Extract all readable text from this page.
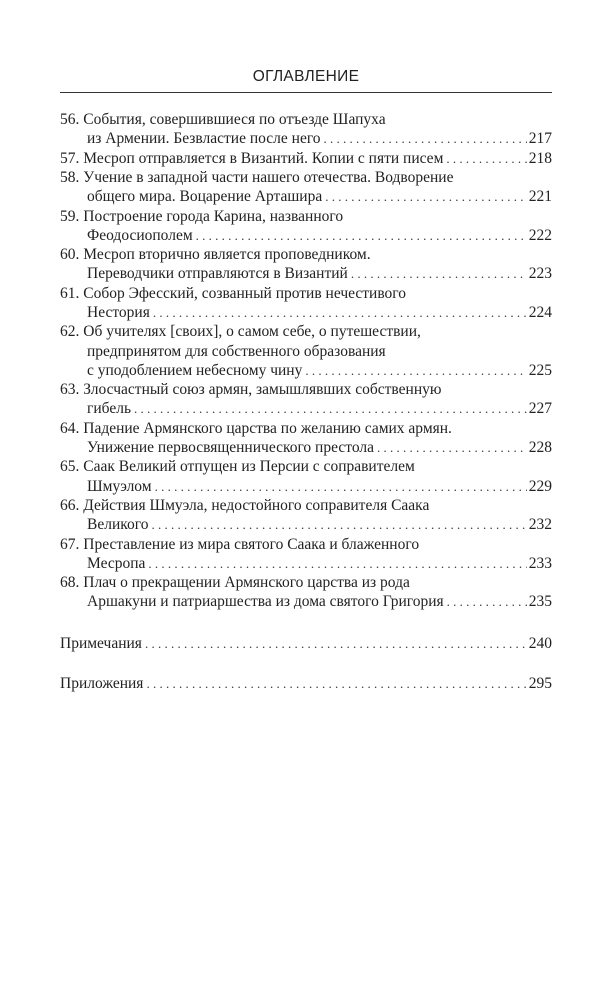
ОГЛАВЛЕНИЕ
56. События, совершившиеся по отъезде Шапуха
из Армении. Безвластие после него . . .	217
57. Месроп отправляется в Византий. Копии с пяти писем . . .	218
58. Учение в западной части нашего отечества. Водворение
общего мира. Воцарение Арташира . . .	221
59. Построение города Карина, названного
Феодосиополем . . .	222
60. Месроп вторично является проповедником.
Переводчики отправляются в Византий . . .	223
61. Собор Эфесский, созванный против нечестивого
Нестория . . .	224
62. Об учителях [своих], о самом себе, о путешествии,
предпринятом для собственного образования
с уподоблением небесному чину . . .	225
63. Злосчастный союз армян, замышлявших собственную
гибель . . .	227
64. Падение Армянского царства по желанию самих армян.
Унижение первосвященнического престола . . .	228
65. Саак Великий отпущен из Персии с соправителем
Шмуэлом . . .	229
66. Действия Шмуэла, недостойного соправителя Саака
Великого . . .	232
67. Преставление из мира святого Саака и блаженного
Месропа . . .	233
68. Плач о прекращении Армянского царства из рода
Аршакуни и патриаршества из дома святого Григория . . .	235
Примечания . . .	240
Приложения . . .	295
